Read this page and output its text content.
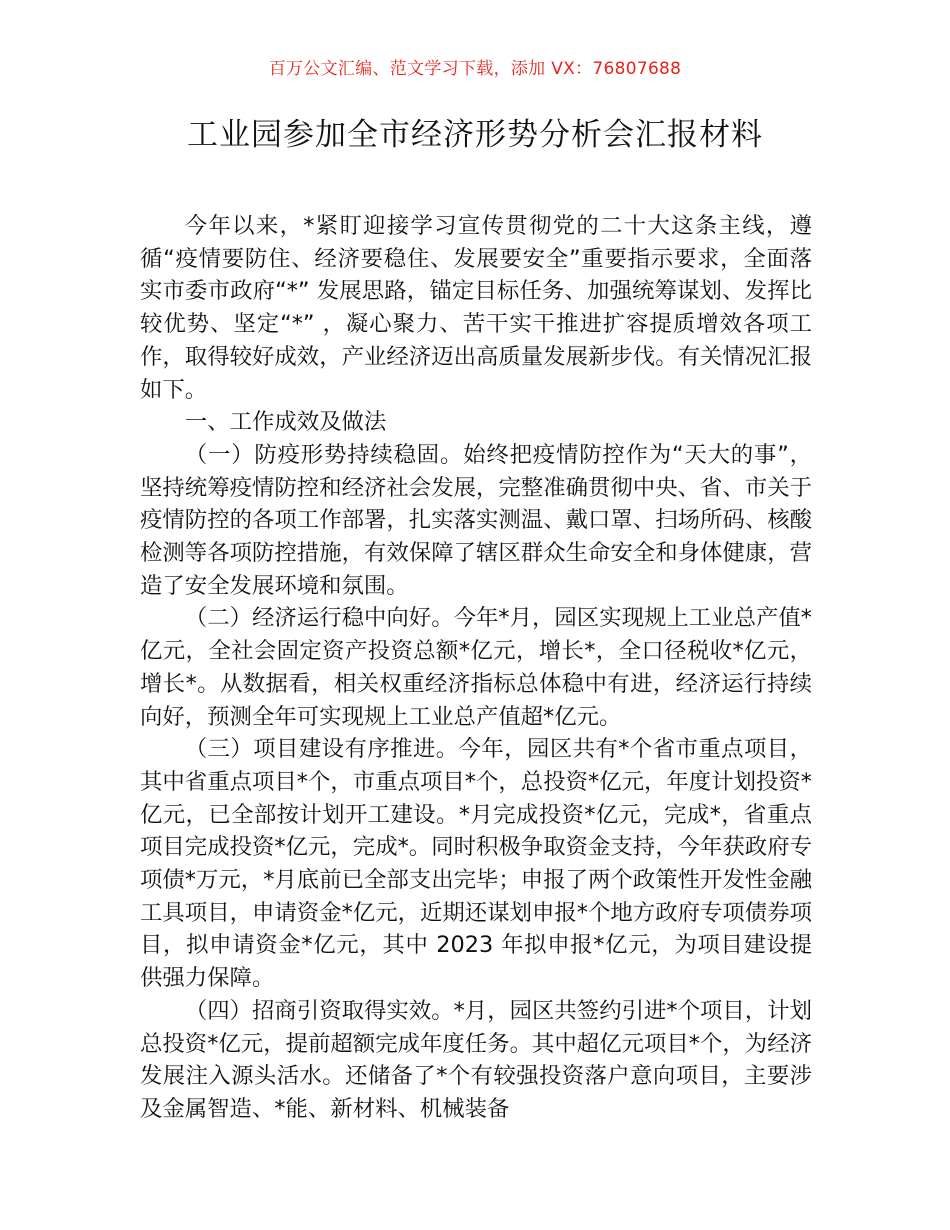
百万公文汇编、范文学习下载，添加 VX：76807688
工业园参加全市经济形势分析会汇报材料

今年以来，*紧盯迎接学习宣传贯彻党的二十大这条主线，遵循“疫情要防住、经济要稳住、发展要安全”重要指示要求，全面落实市委市政府“*” 发展思路，锚定目标任务、加强统筹谋划、发挥比较优势、坚定“*” ，凝心聚力、苦干实干推进扩容提质增效各项工作，取得较好成效，产业经济迈出高质量发展新步伐。有关情况汇报如下。

一、工作成效及做法

（一）防疫形势持续稳固。始终把疫情防控作为“天大的事”，坚持统筹疫情防控和经济社会发展，完整准确贯彻中央、省、市关于疫情防控的各项工作部署，扎实落实测温、戴口罩、扫场所码、核酸检测等各项防控措施，有效保障了辖区群众生命安全和身体健康，营造了安全发展环境和氛围。

（二）经济运行稳中向好。今年*月，园区实现规上工业总产值*亿元，全社会固定资产投资总额*亿元，增长*，全口径税收*亿元，增长*。从数据看，相关权重经济指标总体稳中有进，经济运行持续向好，预测全年可实现规上工业总产值超*亿元。

（三）项目建设有序推进。今年，园区共有*个省市重点项目，其中省重点项目*个，市重点项目*个，总投资*亿元，年度计划投资*亿元，已全部按计划开工建设。*月完成投资*亿元，完成*，省重点项目完成投资*亿元，完成*。同时积极争取资金支持，今年获政府专项债*万元，*月底前已全部支出完毕；申报了两个政策性开发性金融工具项目，申请资金*亿元，近期还谋划申报*个地方政府专项债券项目，拟申请资金*亿元，其中 2023 年拟申报*亿元，为项目建设提供强力保障。

（四）招商引资取得实效。*月，园区共签约引进*个项目，计划总投资*亿元，提前超额完成年度任务。其中超亿元项目*个，为经济发展注入源头活水。还储备了*个有较强投资落户意向项目，主要涉及金属智造、*能、新材料、机械装备
